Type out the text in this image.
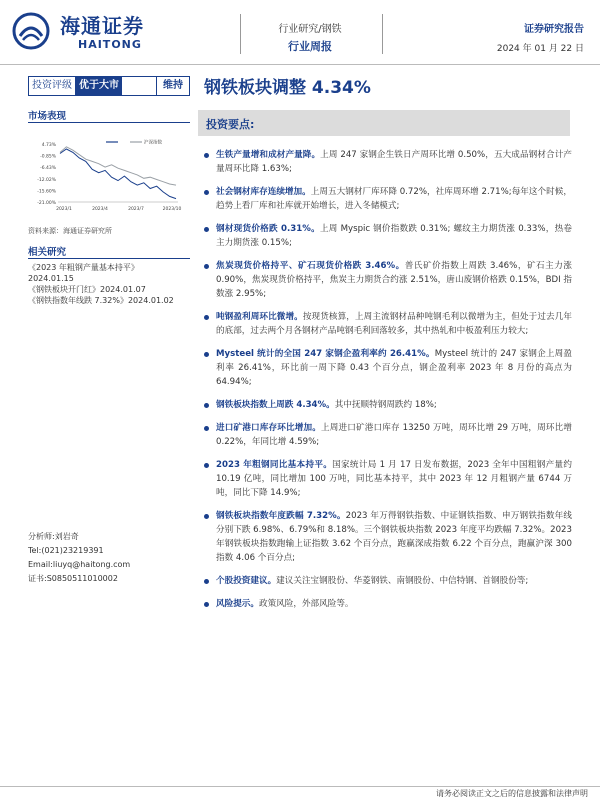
海通证券
HAITONG
行业研究/钢铁
行业周报
证券研究报告
2024 年 01 月 22 日
投资评级 优于大市	维持	钢铁板块调整 4.34%
市场表现
4.73%
-0.85%
-6.43%
-12.02%
-15.60%
-21.00%
2023/1	2023/4	2023/7	2023/10
沪深指数
资料来源：海通证券研究所
相关研究
《2023 年粗钢产量基本持平》
2024.01.15
《钢铁板块开门红》2024.01.07
《钢铁指数年线跌 7.32%》2024.01.02
分析师:刘岩奇
Tel:(021)23219391
Email:liuyq@haitong.com
证书:S0850511010002
投资要点:
生铁产量增和成材产量降。上周 247 家钢企生铁日产周环比增 0.50%，五大成品钢材合计产量周环比降 1.63%;
社会钢材库存连续增加。上周五大钢材厂库环降 0.72%，社库周环增 2.71%;每年这个时候，趋势上看厂库和社库就开始增长，进入冬储模式;
钢材现货价格跌 0.31%。上周 Myspic 钢价指数跌 0.31%; 螺纹主力期货涨 0.33%，热卷主力期货涨 0.15%;
焦炭现货价格持平、矿石现货价格跌 3.46%。普氏矿价指数上周跌 3.46%，矿石主力涨 0.90%，焦炭现货价格持平，焦炭主力期货合约涨 2.51%，唐山废钢价格跌 0.15%，BDI 指数涨 2.95%;
吨钢盈利周环比微增。按现货核算，上周主流钢材品种吨钢毛利以微增为主，但处于过去几年的底部，过去两个月各钢材产品吨钢毛利回落较多，其中热轧和中板盈利压力较大;
Mysteel 统计的全国 247 家钢企盈利率约 26.41%。Mysteel 统计的 247 家钢企上周盈利率 26.41%，环比前一周下降 0.43 个百分点，钢企盈利率 2023 年 8 月份的高点为 64.94%;
钢铁板块指数上周跌 4.34%。其中抚顺特钢周跌约 18%;
进口矿港口库存环比增加。上周进口矿港口库存 13250 万吨，周环比增 29 万吨，周环比增 0.22%，年同比增 4.59%;
2023 年粗钢同比基本持平。国家统计局 1 月 17 日发布数据，2023 全年中国粗钢产量约 10.19 亿吨，同比增加 100 万吨，同比基本持平，其中 2023 年 12 月粗钢产量 6744 万吨，同比下降 14.9%;
钢铁板块指数年度跌幅 7.32%。2023 年万得钢铁指数、中证钢铁指数、申万钢铁指数年线分别下跌 6.98%、6.79%和 8.18%。三个钢铁板块指数 2023 年度平均跌幅 7.32%。2023 年钢铁板块指数跑输上证指数 3.62 个百分点，跑赢深成指数 6.22 个百分点，跑赢沪深 300 指数 4.06 个百分点;
个股投资建议。建议关注宝钢股份、华菱钢铁、南钢股份、中信特钢、首钢股份等;
风险提示。政策风险，外部风险等。
请务必阅读正文之后的信息披露和法律声明
